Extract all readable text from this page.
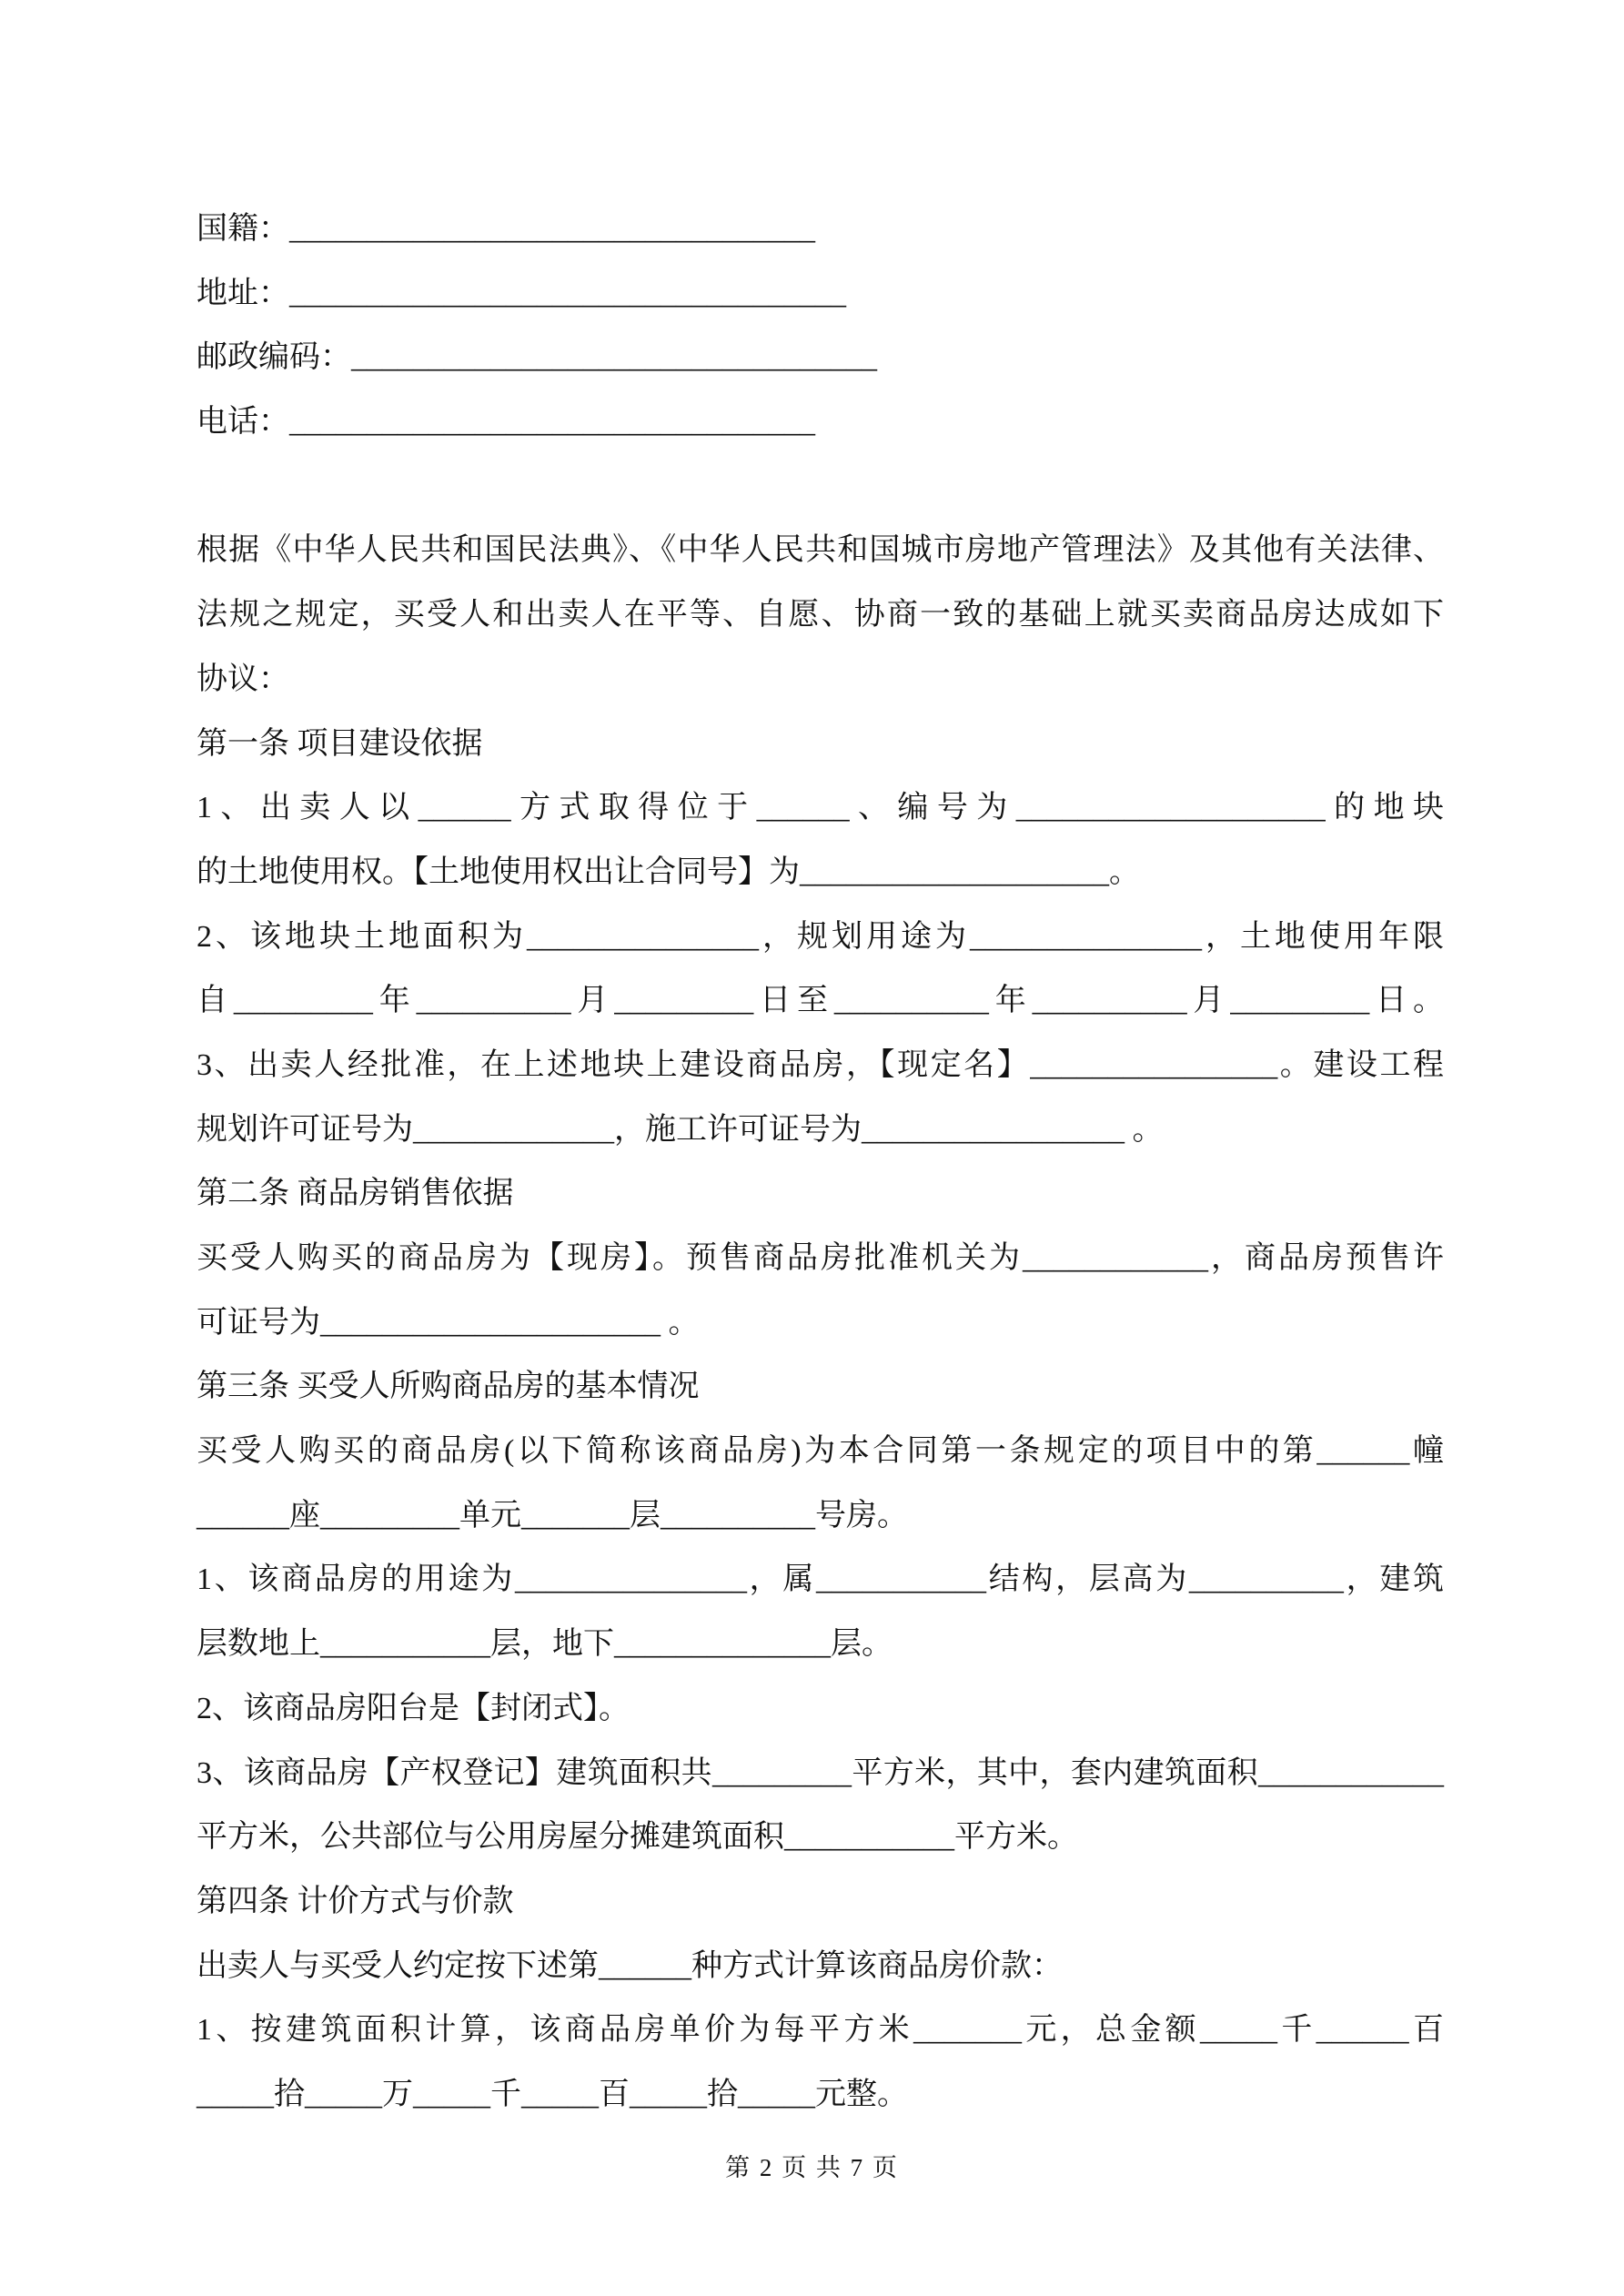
国籍：__________________________________
地址：____________________________________
邮政编码：__________________________________
电话：__________________________________
根据《中华人民共和国民法典》、《中华人民共和国城市房地产管理法》及其他有关法律、
法规之规定，买受人和出卖人在平等、自愿、协商一致的基础上就买卖商品房达成如下
协议：
第一条 项目建设依据
1、出卖人以______方式取得位于______、编号为____________________的地块
的土地使用权。【土地使用权出让合同号】为____________________。
2、该地块土地面积为_______________，规划用途为_______________，土地使用年限
自_________年__________月_________日至__________年__________月_________日。
3、出卖人经批准，在上述地块上建设商品房，【现定名】________________。建设工程
规划许可证号为_____________，施工许可证号为_________________ 。
第二条 商品房销售依据
买受人购买的商品房为【现房】。预售商品房批准机关为____________，商品房预售许
可证号为______________________ 。
第三条 买受人所购商品房的基本情况
买受人购买的商品房(以下简称该商品房)为本合同第一条规定的项目中的第______幢
______座_________单元_______层__________号房。
1、该商品房的用途为_______________，属___________结构，层高为__________，建筑
层数地上___________层，地下______________层。
2、该商品房阳台是【封闭式】。
3、该商品房【产权登记】建筑面积共_________平方米，其中，套内建筑面积____________
平方米，公共部位与公用房屋分摊建筑面积___________平方米。
第四条 计价方式与价款
出卖人与买受人约定按下述第______种方式计算该商品房价款：
1、按建筑面积计算，该商品房单价为每平方米_______元，总金额_____千______百
_____拾_____万_____千_____百_____拾_____元整。
第 2 页 共 7 页
